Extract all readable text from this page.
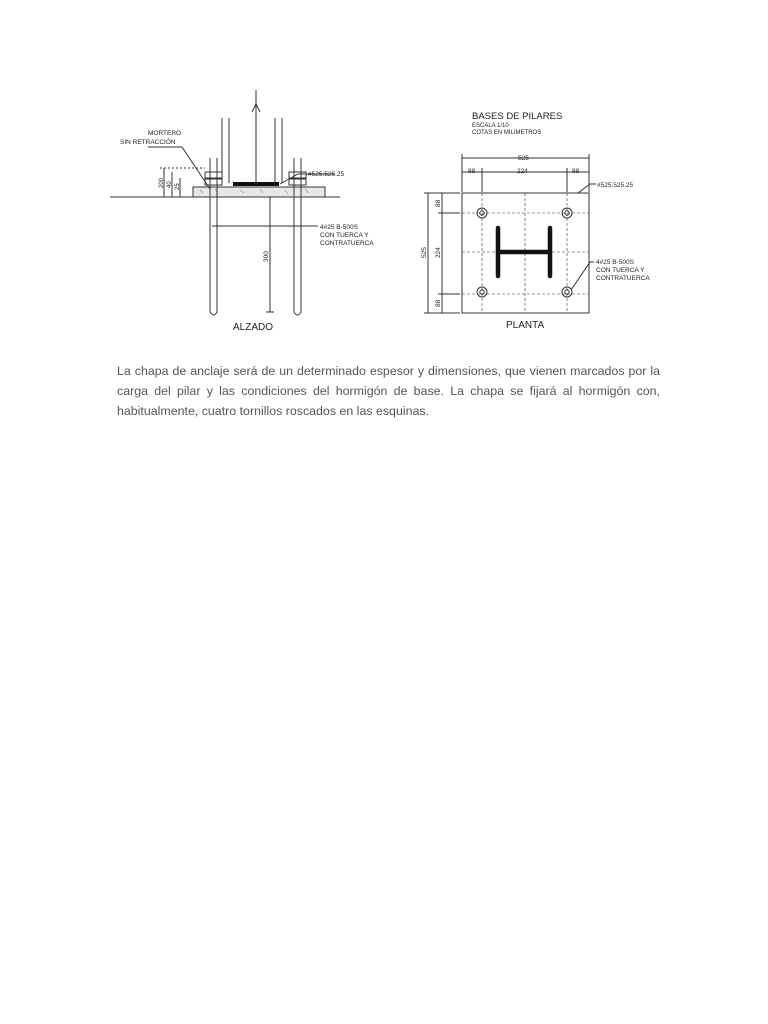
MORTERO
SIN RETRACCIÓN
200 40 25
#525.525.25
4#25 B-500S
CON TUERCA Y
CONTRATUERCA
300
ALZADO
BASES DE PILARES
ESCALA 1/10
COTAS EN MILIMETROS
525
88	224	88
#525.525.25
525
88
224
88
4#25 B-500S
CON TUERCA Y
CONTRATUERCA
PLANTA

La chapa de anclaje será de un determinado espesor y dimensiones, que vienen marcados por la carga del pilar y las condiciones del hormigón de base. La chapa se fijará al hormigón con, habitualmente, cuatro tornillos roscados en las esquinas.
